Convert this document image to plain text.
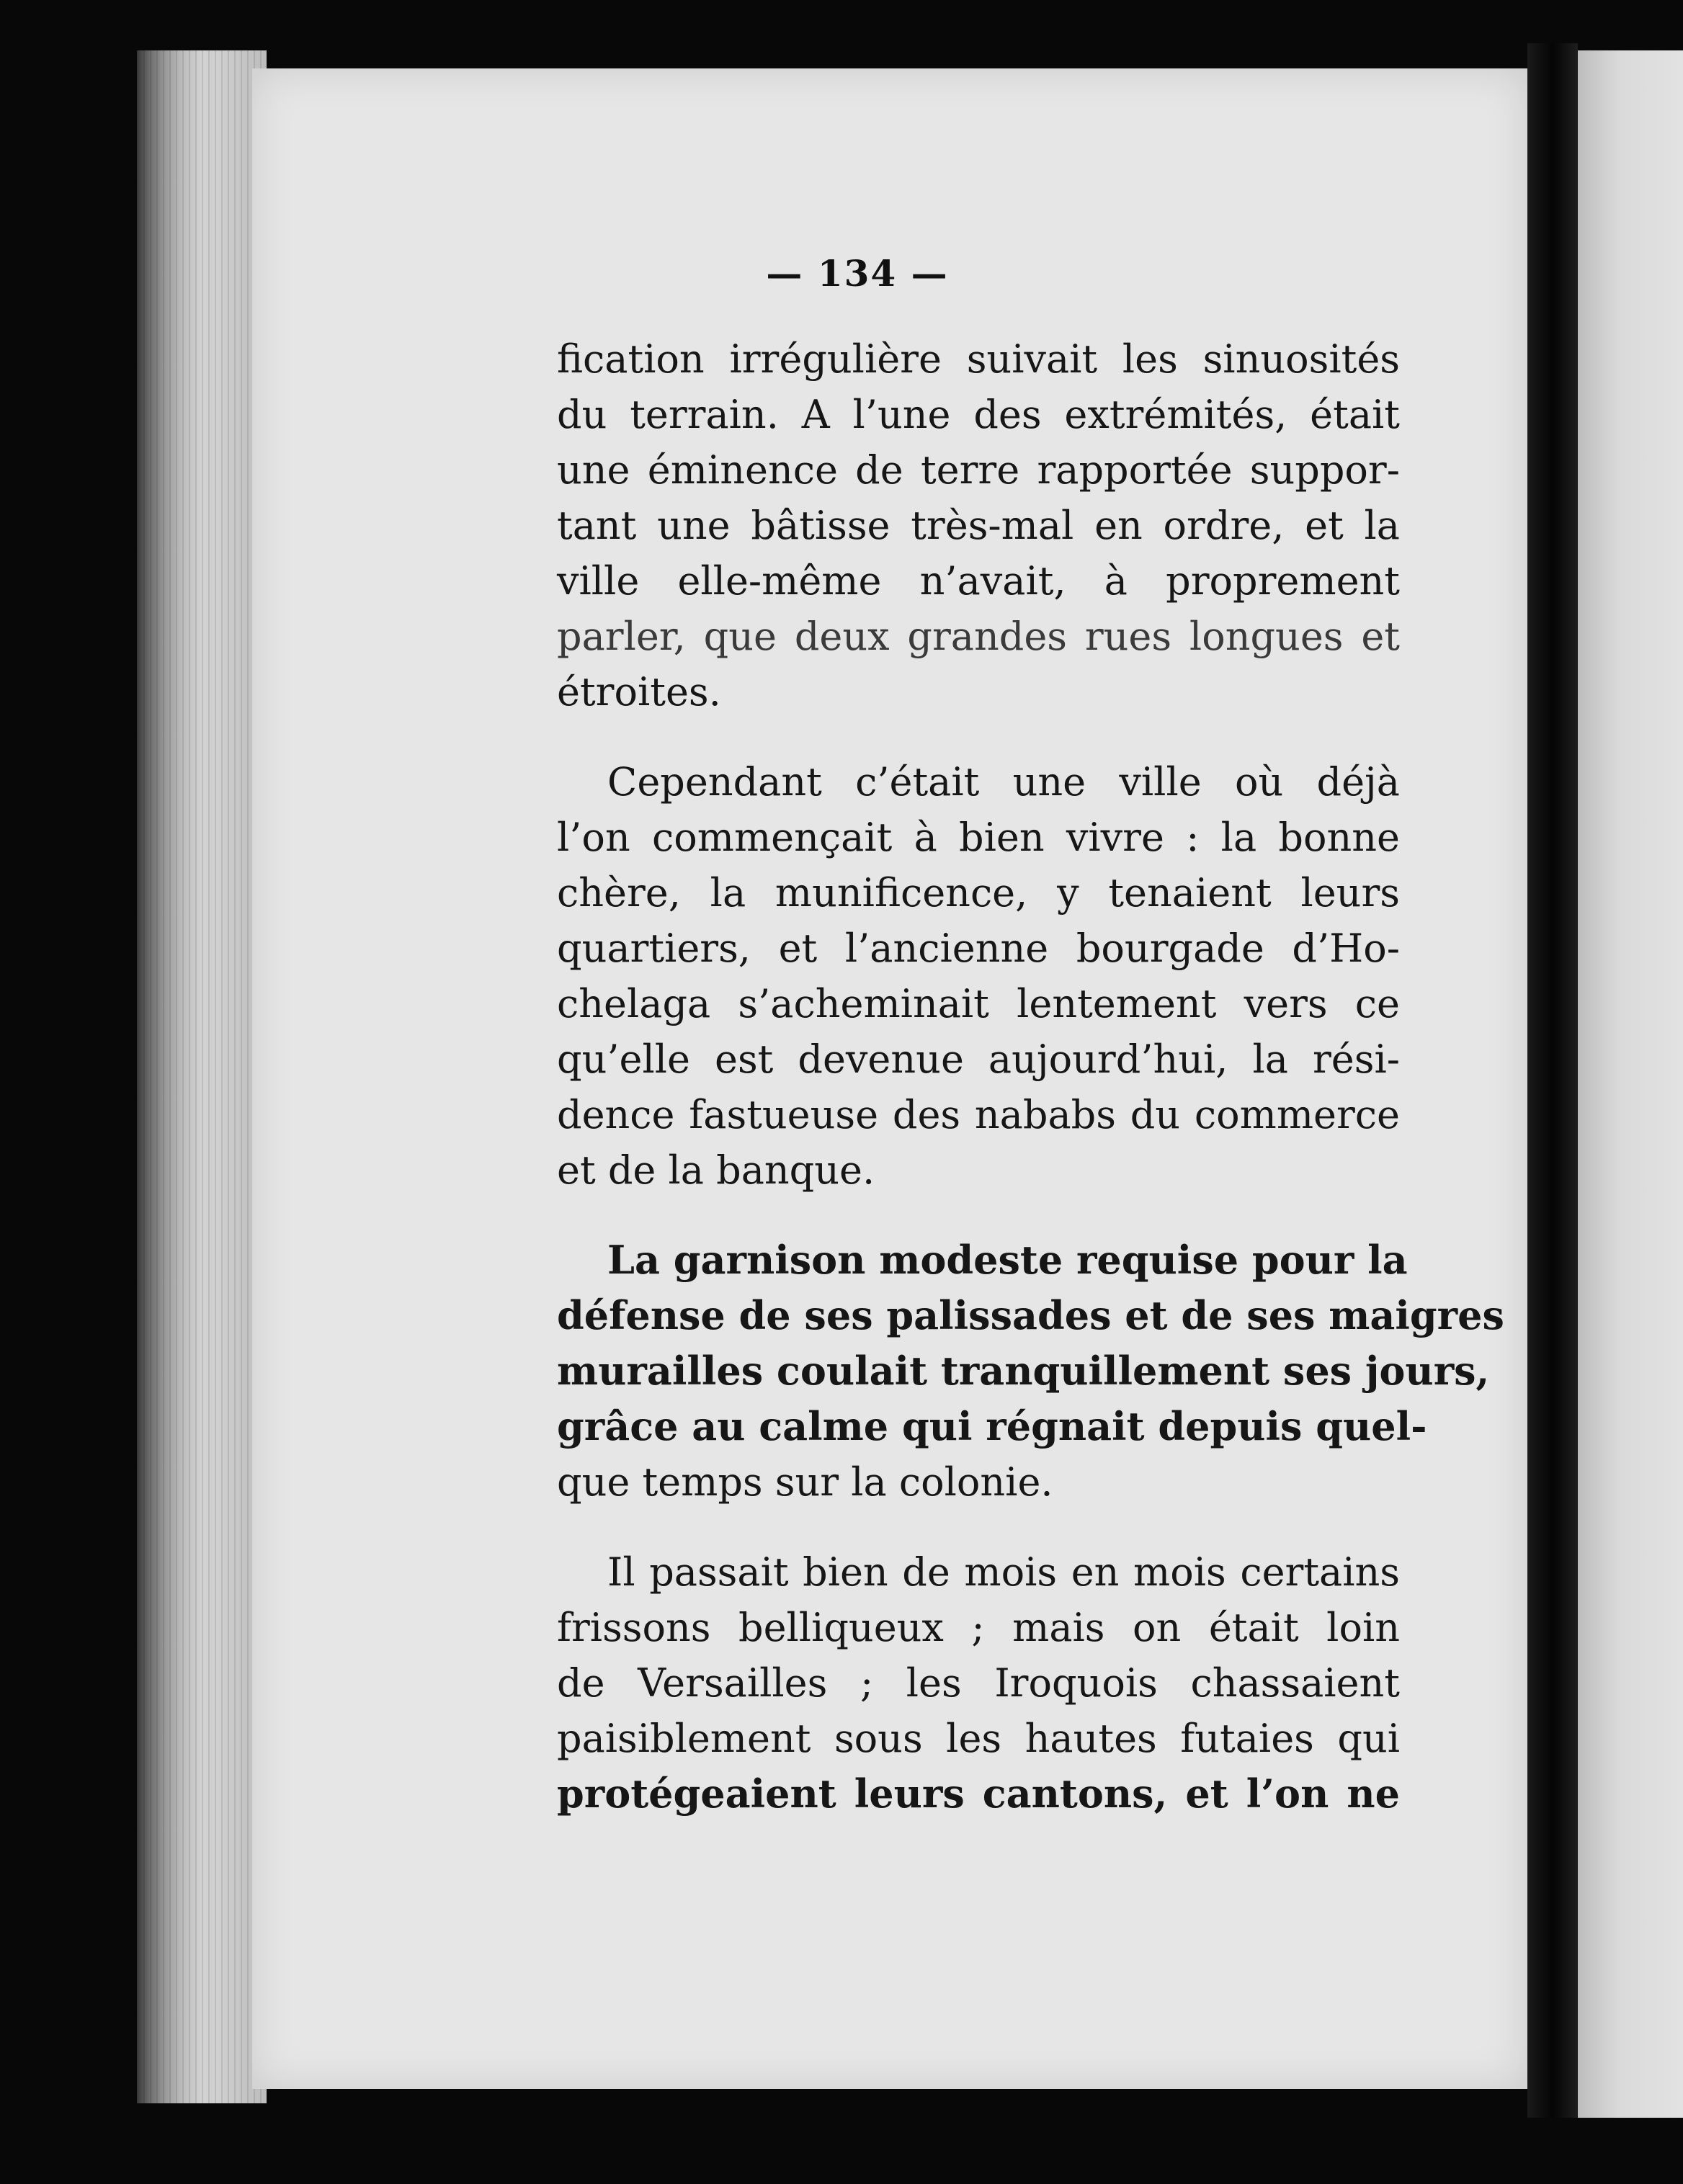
— 134 —
fication irrégulière suivait les sinuosités
du terrain. A l’une des extrémités, était
une éminence de terre rapportée suppor-
tant une bâtisse très-mal en ordre, et la
ville elle-même n’avait, à proprement
parler, que deux grandes rues longues et
étroites.
Cependant c’était une ville où déjà
l’on commençait à bien vivre : la bonne
chère, la munificence, y tenaient leurs
quartiers, et l’ancienne bourgade d’Ho-
chelaga s’acheminait lentement vers ce
qu’elle est devenue aujourd’hui, la rési-
dence fastueuse des nababs du commerce
et de la banque.
La garnison modeste requise pour la
défense de ses palissades et de ses maigres
murailles coulait tranquillement ses jours,
grâce au calme qui régnait depuis quel-
que temps sur la colonie.
Il passait bien de mois en mois certains
frissons belliqueux ; mais on était loin
de Versailles ; les Iroquois chassaient
paisiblement sous les hautes futaies qui
protégeaient leurs cantons, et l’on ne
